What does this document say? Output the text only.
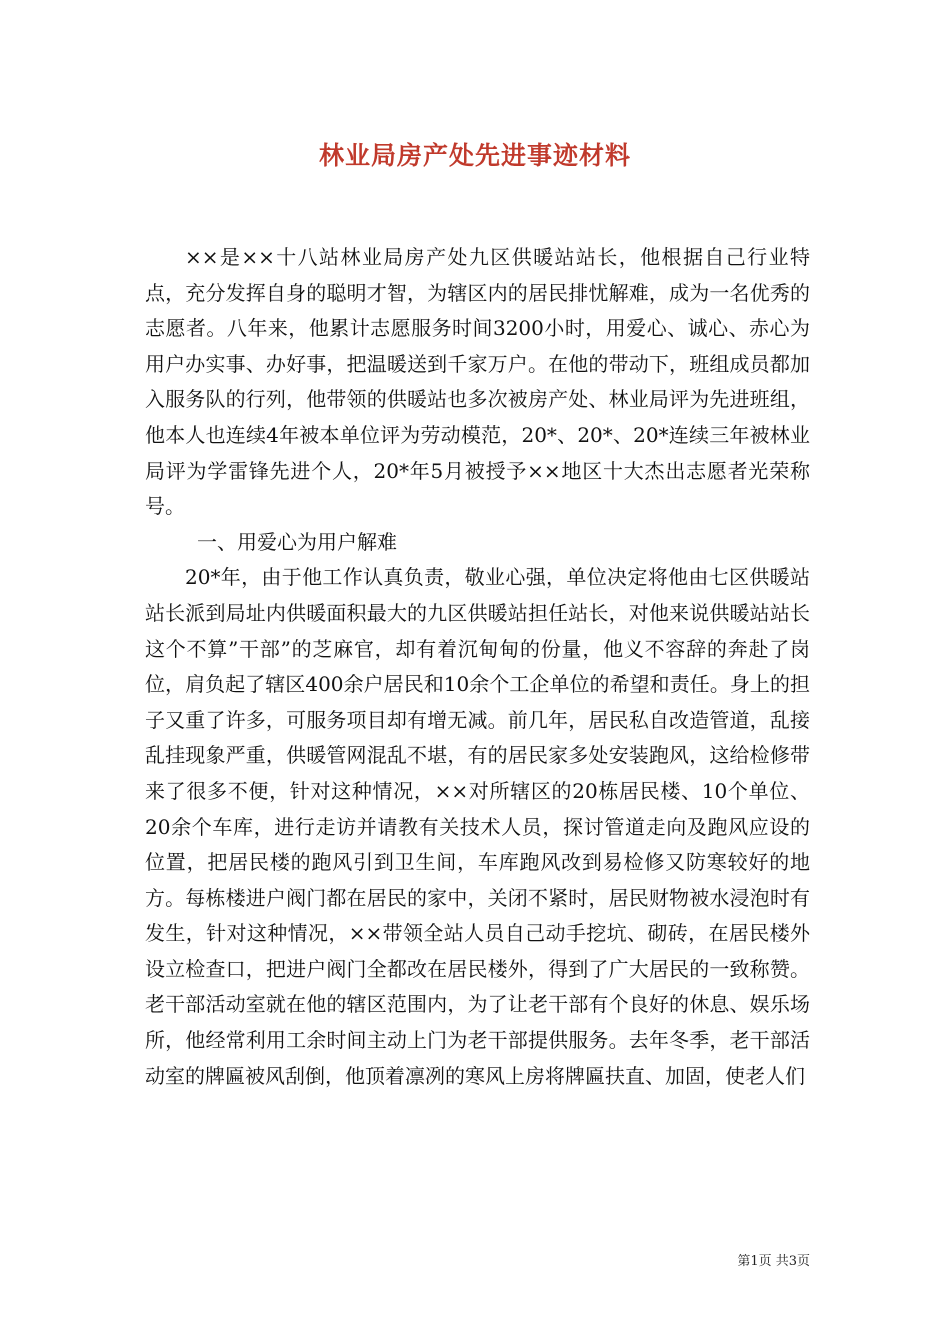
林业局房产处先进事迹材料

××是××十八站林业局房产处九区供暖站站长，他根据自己行业特点，充分发挥自身的聪明才智，为辖区内的居民排忧解难，成为一名优秀的志愿者。八年来，他累计志愿服务时间3200小时，用爱心、诚心、赤心为用户办实事、办好事，把温暖送到千家万户。在他的带动下，班组成员都加入服务队的行列，他带领的供暖站也多次被房产处、林业局评为先进班组，他本人也连续4年被本单位评为劳动模范，20*、20*、20*连续三年被林业局评为学雷锋先进个人，20*年5月被授予××地区十大杰出志愿者光荣称号。

一、用爱心为用户解难

20*年，由于他工作认真负责，敬业心强，单位决定将他由七区供暖站站长派到局址内供暖面积最大的九区供暖站担任站长，对他来说供暖站站长这个不算”干部”的芝麻官，却有着沉甸甸的份量，他义不容辞的奔赴了岗位，肩负起了辖区400余户居民和10余个工企单位的希望和责任。身上的担子又重了许多，可服务项目却有增无减。前几年，居民私自改造管道，乱接乱挂现象严重，供暖管网混乱不堪，有的居民家多处安装跑风，这给检修带来了很多不便，针对这种情况，××对所辖区的20栋居民楼、10个单位、20余个车库，进行走访并请教有关技术人员，探讨管道走向及跑风应设的位置，把居民楼的跑风引到卫生间，车库跑风改到易检修又防寒较好的地方。每栋楼进户阀门都在居民的家中，关闭不紧时，居民财物被水浸泡时有发生，针对这种情况，××带领全站人员自己动手挖坑、砌砖，在居民楼外设立检查口，把进户阀门全都改在居民楼外，得到了广大居民的一致称赞。老干部活动室就在他的辖区范围内，为了让老干部有个良好的休息、娱乐场所，他经常利用工余时间主动上门为老干部提供服务。去年冬季，老干部活动室的牌匾被风刮倒，他顶着凛冽的寒风上房将牌匾扶直、加固，使老人们

第1页 共3页
